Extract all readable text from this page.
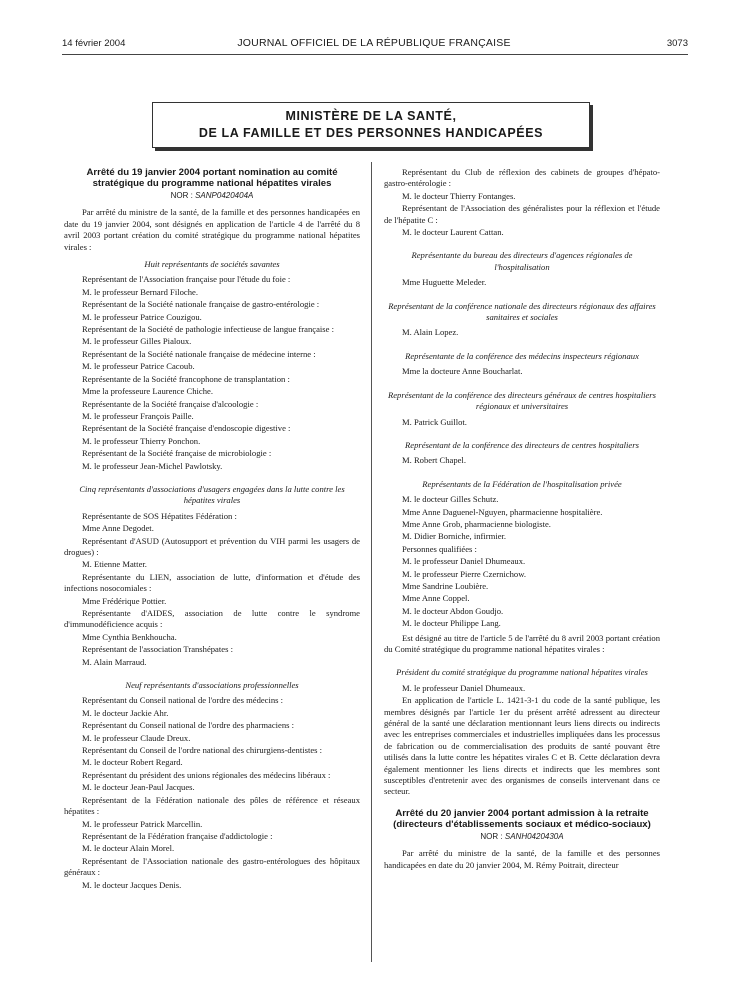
14 février 2004	JOURNAL OFFICIEL DE LA RÉPUBLIQUE FRANÇAISE	3073
MINISTÈRE DE LA SANTÉ,
DE LA FAMILLE ET DES PERSONNES HANDICAPÉES
Arrêté du 19 janvier 2004 portant nomination au comité stratégique du programme national hépatites virales
NOR : SANP0420404A
Par arrêté du ministre de la santé, de la famille et des personnes handicapées en date du 19 janvier 2004, sont désignés en application de l'article 4 de l'arrêté du 8 avril 2003 portant création du comité stratégique du programme national hépatites virales :
Huit représentants de sociétés savantes
Représentant de l'Association française pour l'étude du foie :
M. le professeur Bernard Filoche.
Représentant de la Société nationale française de gastro-entérologie :
M. le professeur Patrice Couzigou.
Représentant de la Société de pathologie infectieuse de langue française :
M. le professeur Gilles Pialoux.
Représentant de la Société nationale française de médecine interne :
M. le professeur Patrice Cacoub.
Représentante de la Société francophone de transplantation :
Mme la professeure Laurence Chiche.
Représentante de la Société française d'alcoologie :
M. le professeur François Paille.
Représentant de la Société française d'endoscopie digestive :
M. le professeur Thierry Ponchon.
Représentant de la Société française de microbiologie :
M. le professeur Jean-Michel Pawlotsky.
Cinq représentants d'associations d'usagers engagées dans la lutte contre les hépatites virales
Représentante de SOS Hépatites Fédération :
Mme Anne Degodet.
Représentant d'ASUD (Autosupport et prévention du VIH parmi les usagers de drogues) :
M. Etienne Matter.
Représentante du LIEN, association de lutte, d'information et d'étude des infections nosocomiales :
Mme Frédérique Pottier.
Représentante d'AIDES, association de lutte contre le syndrome d'immunodéficience acquis :
Mme Cynthia Benkhoucha.
Représentant de l'association Transhépates :
M. Alain Marraud.
Neuf représentants d'associations professionnelles
Représentant du Conseil national de l'ordre des médecins :
M. le docteur Jackie Ahr.
Représentant du Conseil national de l'ordre des pharmaciens :
M. le professeur Claude Dreux.
Représentant du Conseil de l'ordre national des chirurgiens-dentistes :
M. le docteur Robert Regard.
Représentant du président des unions régionales des médecins libéraux :
M. le docteur Jean-Paul Jacques.
Représentant de la Fédération nationale des pôles de référence et réseaux hépatites :
M. le professeur Patrick Marcellin.
Représentant de la Fédération française d'addictologie :
M. le docteur Alain Morel.
Représentant de l'Association nationale des gastro-entérologues des hôpitaux généraux :
M. le docteur Jacques Denis.
Représentant du Club de réflexion des cabinets de groupes d'hépato-gastro-entérologie :
M. le docteur Thierry Fontanges.
Représentant de l'Association des généralistes pour la réflexion et l'étude de l'hépatite C :
M. le docteur Laurent Cattan.
Représentante du bureau des directeurs d'agences régionales de l'hospitalisation
Mme Huguette Meleder.
Représentant de la conférence nationale des directeurs régionaux des affaires sanitaires et sociales
M. Alain Lopez.
Représentante de la conférence des médecins inspecteurs régionaux
Mme la docteure Anne Boucharlat.
Représentant de la conférence des directeurs généraux de centres hospitaliers régionaux et universitaires
M. Patrick Guillot.
Représentant de la conférence des directeurs de centres hospitaliers
M. Robert Chapel.
Représentants de la Fédération de l'hospitalisation privée
M. le docteur Gilles Schutz.
Mme Anne Daguenel-Nguyen, pharmacienne hospitalière.
Mme Anne Grob, pharmacienne biologiste.
M. Didier Borniche, infirmier.
Personnes qualifiées :
M. le professeur Daniel Dhumeaux.
M. le professeur Pierre Czernichow.
Mme Sandrine Loubière.
Mme Anne Coppel.
M. le docteur Abdon Goudjo.
M. le docteur Philippe Lang.
Est désigné au titre de l'article 5 de l'arrêté du 8 avril 2003 portant création du Comité stratégique du programme national hépatites virales :
Président du comité stratégique du programme national hépatites virales
M. le professeur Daniel Dhumeaux.
En application de l'article L. 1421-3-1 du code de la santé publique, les membres désignés par l'article 1er du présent arrêté adressent au directeur général de la santé une déclaration mentionnant leurs liens directs ou indirects avec les entreprises commerciales et industrielles impliquées dans les processus de fabrication ou de commercialisation des produits de santé pouvant être utilisés dans la lutte contre les hépatites virales C et B. Cette déclaration devra également mentionner les liens directs et indirects que les membres sont susceptibles d'entretenir avec des organismes de conseils intervenant dans ce secteur.
Arrêté du 20 janvier 2004 portant admission à la retraite (directeurs d'établissements sociaux et médico-sociaux)
NOR : SANH0420430A
Par arrêté du ministre de la santé, de la famille et des personnes handicapées en date du 20 janvier 2004, M. Rémy Poitrait, directeur
